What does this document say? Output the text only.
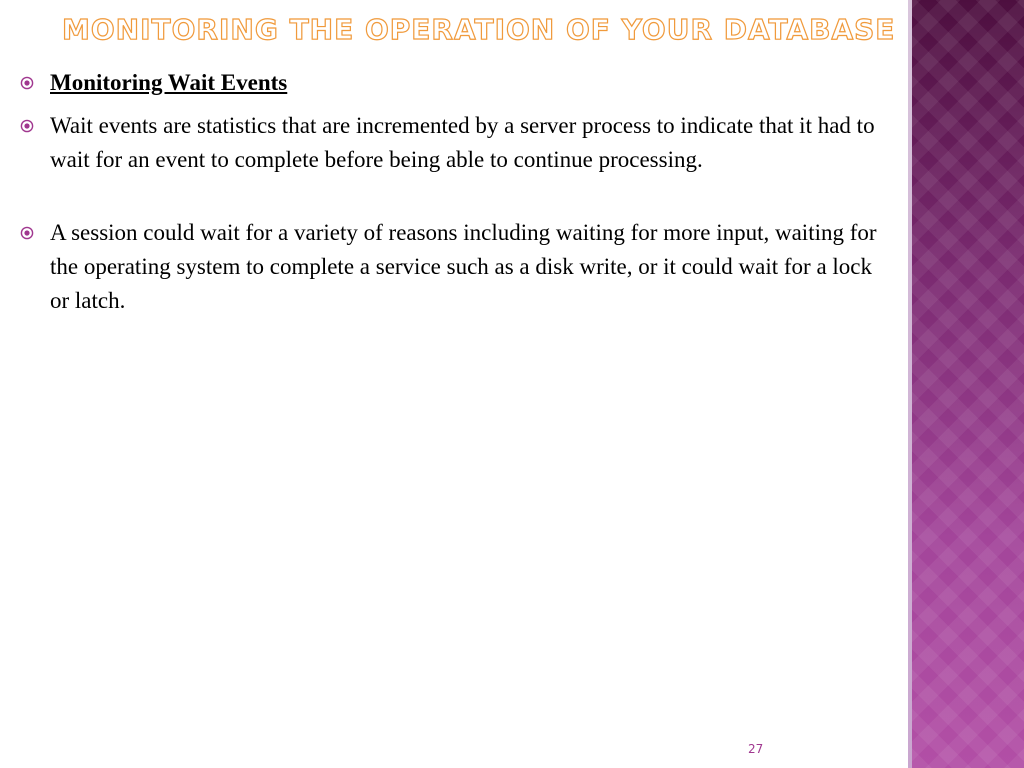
MONITORING THE OPERATION OF YOUR DATABASE
Monitoring Wait Events
Wait events are statistics that are incremented by a server process to indicate that it had to wait for an event to complete before being able to continue processing.
A session could wait for a variety of reasons including waiting for more input, waiting for the operating system to complete a service such as a disk write, or it could wait for a lock or latch.
27
